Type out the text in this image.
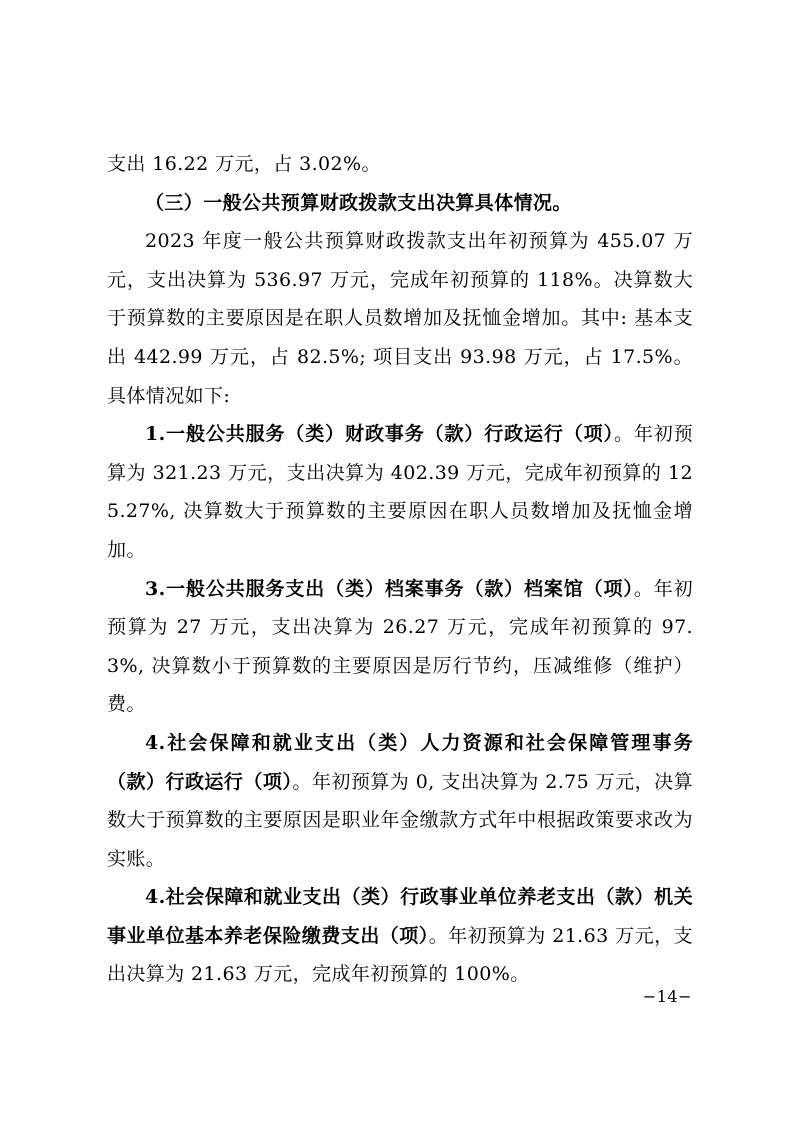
支出 16.22 万元，占 3.02%。

（三）一般公共预算财政拨款支出决算具体情况。

2023 年度一般公共预算财政拨款支出年初预算为 455.07 万元，支出决算为 536.97 万元，完成年初预算的 118%。决算数大于预算数的主要原因是在职人员数增加及抚恤金增加。其中: 基本支出 442.99 万元，占 82.5%; 项目支出 93.98 万元，占 17.5%。具体情况如下:

1.一般公共服务（类）财政事务（款）行政运行（项）。年初预算为 321.23 万元，支出决算为 402.39 万元，完成年初预算的 125.27%, 决算数大于预算数的主要原因在职人员数增加及抚恤金增加。

3.一般公共服务支出（类）档案事务（款）档案馆（项）。年初预算为 27 万元，支出决算为 26.27 万元，完成年初预算的 97.3%, 决算数小于预算数的主要原因是厉行节约，压减维修（维护）费。

4.社会保障和就业支出（类）人力资源和社会保障管理事务（款）行政运行（项）。年初预算为 0, 支出决算为 2.75 万元，决算数大于预算数的主要原因是职业年金缴款方式年中根据政策要求改为实账。

4.社会保障和就业支出（类）行政事业单位养老支出（款）机关事业单位基本养老保险缴费支出（项）。年初预算为 21.63 万元，支出决算为 21.63 万元，完成年初预算的 100%。

−14−
